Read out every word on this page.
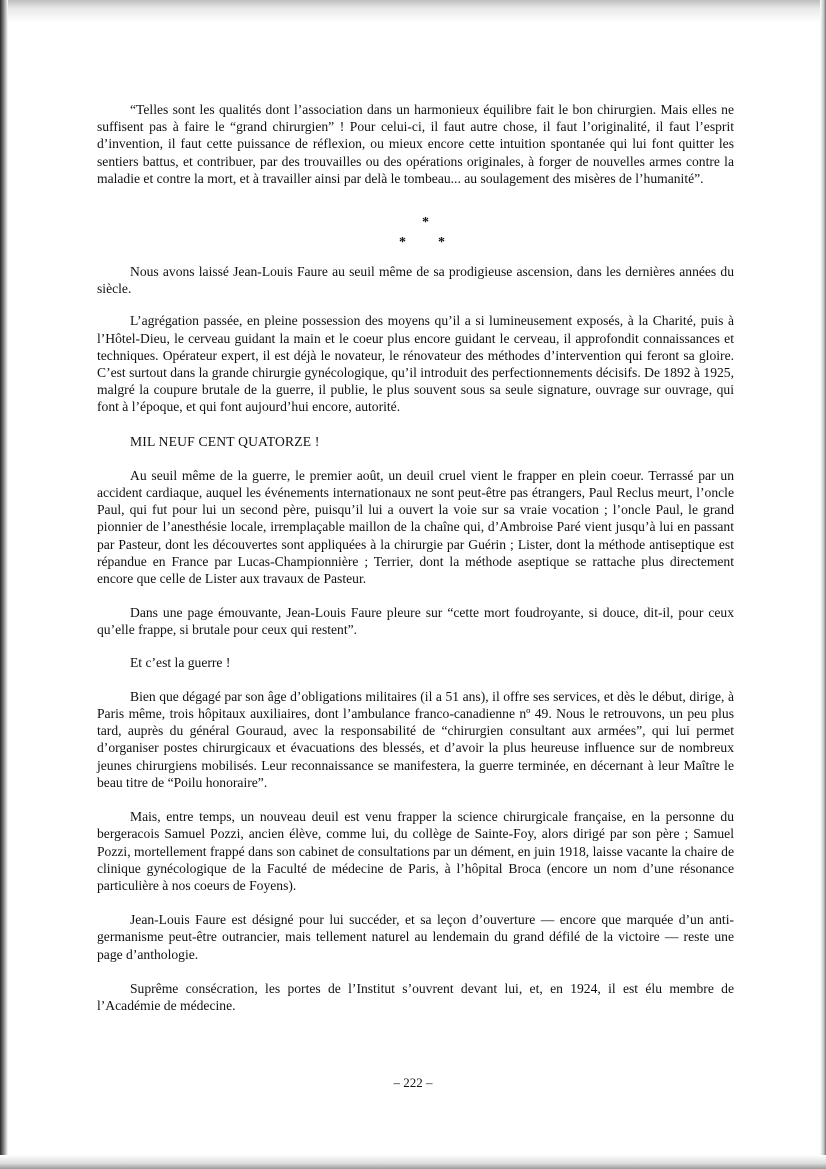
“Telles sont les qualités dont l’association dans un harmonieux équilibre fait le bon chirurgien. Mais elles ne suffisent pas à faire le “grand chirurgien” ! Pour celui-ci, il faut autre chose, il faut l’originalité, il faut l’esprit d’invention, il faut cette puissance de réflexion, ou mieux encore cette intuition spontanée qui lui font quitter les sentiers battus, et contribuer, par des trouvailles ou des opérations originales, à forger de nouvelles armes contre la maladie et contre la mort, et à travailler ainsi par delà le tombeau... au soulagement des misères de l’humanité”.

*
* *

Nous avons laissé Jean-Louis Faure au seuil même de sa prodigieuse ascension, dans les dernières années du siècle.

L’agrégation passée, en pleine possession des moyens qu’il a si lumineusement exposés, à la Charité, puis à l’Hôtel-Dieu, le cerveau guidant la main et le coeur plus encore guidant le cerveau, il approfondit connaissances et techniques. Opérateur expert, il est déjà le novateur, le rénovateur des méthodes d’intervention qui feront sa gloire. C’est surtout dans la grande chirurgie gynécologique, qu’il introduit des perfectionnements décisifs. De 1892 à 1925, malgré la coupure brutale de la guerre, il publie, le plus souvent sous sa seule signature, ouvrage sur ouvrage, qui font à l’époque, et qui font aujourd’hui encore, autorité.

MIL NEUF CENT QUATORZE !

Au seuil même de la guerre, le premier août, un deuil cruel vient le frapper en plein coeur. Terrassé par un accident cardiaque, auquel les événements internationaux ne sont peut-être pas étrangers, Paul Reclus meurt, l’oncle Paul, qui fut pour lui un second père, puisqu’il lui a ouvert la voie sur sa vraie vocation ; l’oncle Paul, le grand pionnier de l’anesthésie locale, irremplaçable maillon de la chaîne qui, d’Ambroise Paré vient jusqu’à lui en passant par Pasteur, dont les découvertes sont appliquées à la chirurgie par Guérin ; Lister, dont la méthode antiseptique est répandue en France par Lucas-Championnière ; Terrier, dont la méthode aseptique se rattache plus directement encore que celle de Lister aux travaux de Pasteur.

Dans une page émouvante, Jean-Louis Faure pleure sur “cette mort foudroyante, si douce, dit-il, pour ceux qu’elle frappe, si brutale pour ceux qui restent”.

Et c’est la guerre !

Bien que dégagé par son âge d’obligations militaires (il a 51 ans), il offre ses services, et dès le début, dirige, à Paris même, trois hôpitaux auxiliaires, dont l’ambulance franco-canadienne nº 49. Nous le retrouvons, un peu plus tard, auprès du général Gouraud, avec la responsabilité de “chirurgien consultant aux armées”, qui lui permet d’organiser postes chirurgicaux et évacuations des blessés, et d’avoir la plus heureuse influence sur de nombreux jeunes chirurgiens mobilisés. Leur reconnaissance se manifestera, la guerre terminée, en décernant à leur Maître le beau titre de “Poilu honoraire”.

Mais, entre temps, un nouveau deuil est venu frapper la science chirurgicale française, en la personne du bergeracois Samuel Pozzi, ancien élève, comme lui, du collège de Sainte-Foy, alors dirigé par son père ; Samuel Pozzi, mortellement frappé dans son cabinet de consultations par un dément, en juin 1918, laisse vacante la chaire de clinique gynécologique de la Faculté de médecine de Paris, à l’hôpital Broca (encore un nom d’une résonance particulière à nos coeurs de Foyens).

Jean-Louis Faure est désigné pour lui succéder, et sa leçon d’ouverture — encore que marquée d’un anti-germanisme peut-être outrancier, mais tellement naturel au lendemain du grand défilé de la victoire — reste une page d’anthologie.

Suprême consécration, les portes de l’Institut s’ouvrent devant lui, et, en 1924, il est élu membre de l’Académie de médecine.

– 222 –
